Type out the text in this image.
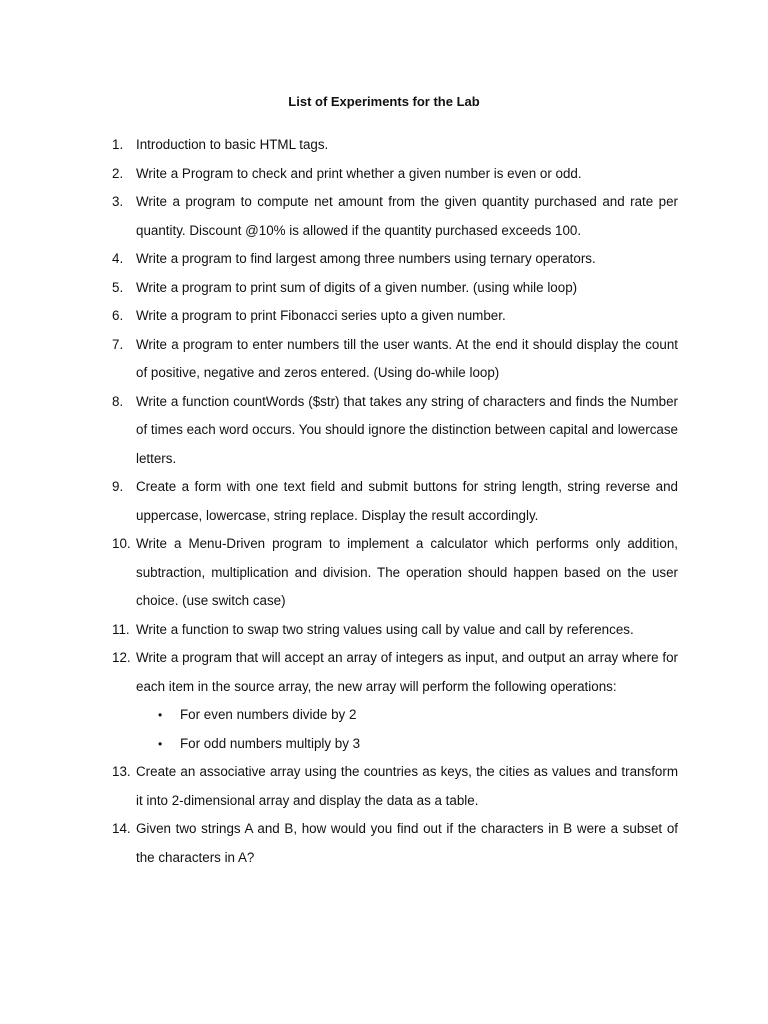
List of Experiments for the Lab
1. Introduction to basic HTML tags.
2. Write a Program to check and print whether a given number is even or odd.
3. Write a program to compute net amount from the given quantity purchased and rate per quantity. Discount @10% is allowed if the quantity purchased exceeds 100.
4. Write a program to find largest among three numbers using ternary operators.
5. Write a program to print sum of digits of a given number. (using while loop)
6. Write a program to print Fibonacci series upto a given number.
7. Write a program to enter numbers till the user wants. At the end it should display the count of positive, negative and zeros entered. (Using do-while loop)
8. Write a function countWords ($str) that takes any string of characters and finds the Number of times each word occurs. You should ignore the distinction between capital and lowercase letters.
9. Create a form with one text field and submit buttons for string length, string reverse and uppercase, lowercase, string replace. Display the result accordingly.
10. Write a Menu-Driven program to implement a calculator which performs only addition, subtraction, multiplication and division. The operation should happen based on the user choice. (use switch case)
11. Write a function to swap two string values using call by value and call by references.
12. Write a program that will accept an array of integers as input, and output an array where for each item in the source array, the new array will perform the following operations:
• For even numbers divide by 2
• For odd numbers multiply by 3
13. Create an associative array using the countries as keys, the cities as values and transform it into 2-dimensional array and display the data as a table.
14. Given two strings A and B, how would you find out if the characters in B were a subset of the characters in A?
